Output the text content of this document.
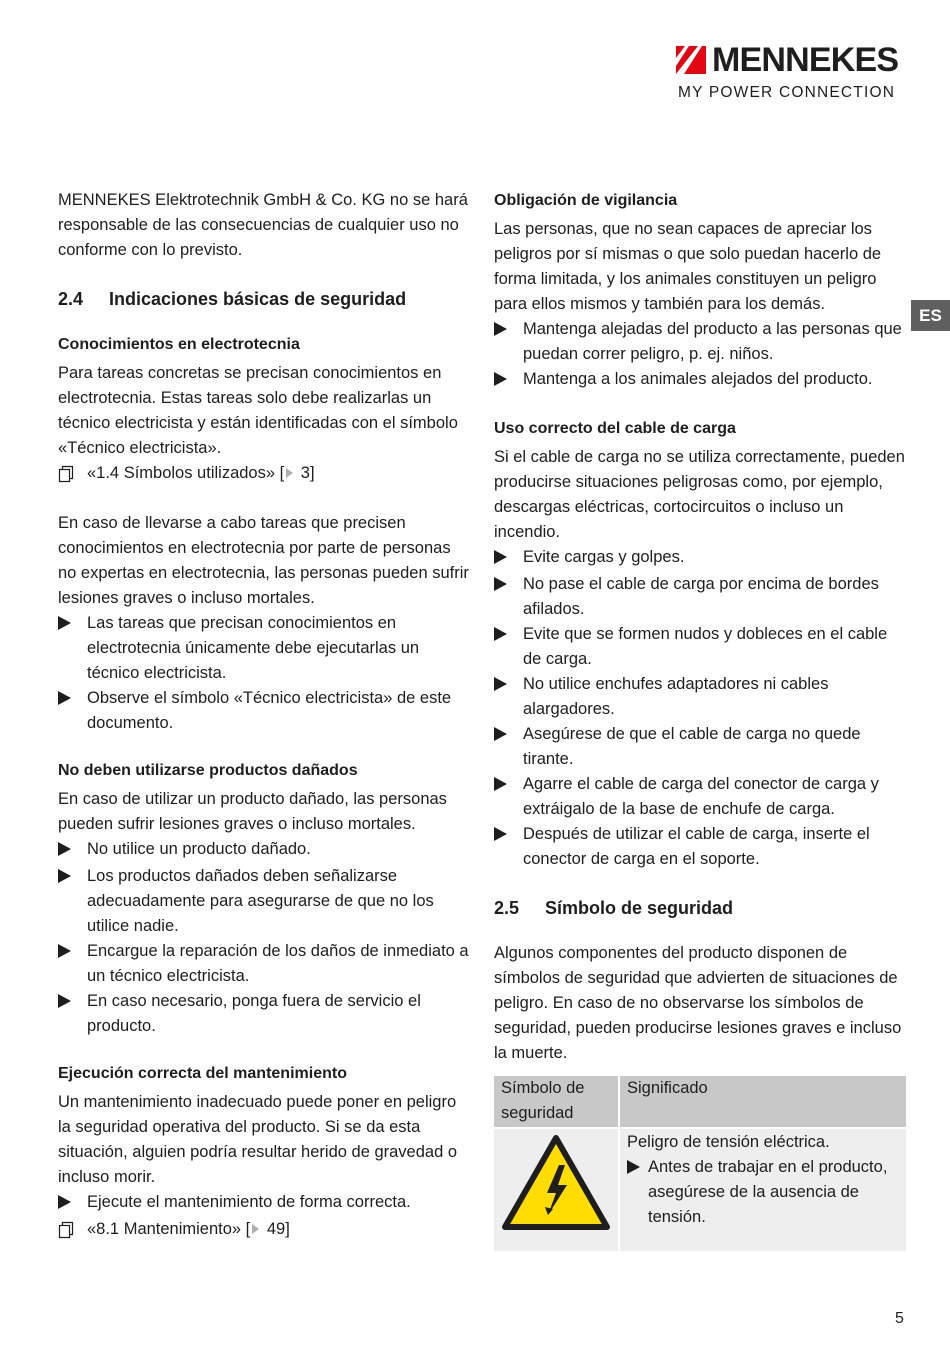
MENNEKES
MY POWER CONNECTION
ES

MENNEKES Elektrotechnik GmbH & Co. KG no se hará responsable de las consecuencias de cualquier uso no conforme con lo previsto.

2.4	Indicaciones básicas de seguridad

Conocimientos en electrotecnia

Para tareas concretas se precisan conocimientos en electrotecnia. Estas tareas solo debe realizarlas un técnico electricista y están identificadas con el símbolo «Técnico electricista».

«1.4 Símbolos utilizados» [ 3]

En caso de llevarse a cabo tareas que precisen conocimientos en electrotecnia por parte de personas no expertas en electrotecnia, las personas pueden sufrir lesiones graves o incluso mortales.

Las tareas que precisan conocimientos en electrotecnia únicamente debe ejecutarlas un técnico electricista.
Observe el símbolo «Técnico electricista» de este documento.

No deben utilizarse productos dañados

En caso de utilizar un producto dañado, las personas pueden sufrir lesiones graves o incluso mortales.

No utilice un producto dañado.
Los productos dañados deben señalizarse adecuadamente para asegurarse de que no los utilice nadie.
Encargue la reparación de los daños de inmediato a un técnico electricista.
En caso necesario, ponga fuera de servicio el producto.

Ejecución correcta del mantenimiento

Un mantenimiento inadecuado puede poner en peligro la seguridad operativa del producto. Si se da esta situación, alguien podría resultar herido de gravedad o incluso morir.

Ejecute el mantenimiento de forma correcta.
«8.1 Mantenimiento» [ 49]

Obligación de vigilancia

Las personas, que no sean capaces de apreciar los peligros por sí mismas o que solo puedan hacerlo de forma limitada, y los animales constituyen un peligro para ellos mismos y también para los demás.

Mantenga alejadas del producto a las personas que puedan correr peligro, p. ej. niños.
Mantenga a los animales alejados del producto.

Uso correcto del cable de carga

Si el cable de carga no se utiliza correctamente, pueden producirse situaciones peligrosas como, por ejemplo, descargas eléctricas, cortocircuitos o incluso un incendio.

Evite cargas y golpes.
No pase el cable de carga por encima de bordes afilados.
Evite que se formen nudos y dobleces en el cable de carga.
No utilice enchufes adaptadores ni cables alargadores.
Asegúrese de que el cable de carga no quede tirante.
Agarre el cable de carga del conector de carga y extráigalo de la base de enchufe de carga.
Después de utilizar el cable de carga, inserte el conector de carga en el soporte.
2.5	Símbolo de seguridad

Algunos componentes del producto disponen de símbolos de seguridad que advierten de situaciones de peligro. En caso de no observarse los símbolos de seguridad, pueden producirse lesiones graves e incluso la muerte.

Símbolo de seguridad	Significado

Peligro de tensión eléctrica.

Antes de trabajar en el producto, asegúrese de la ausencia de tensión.
5
